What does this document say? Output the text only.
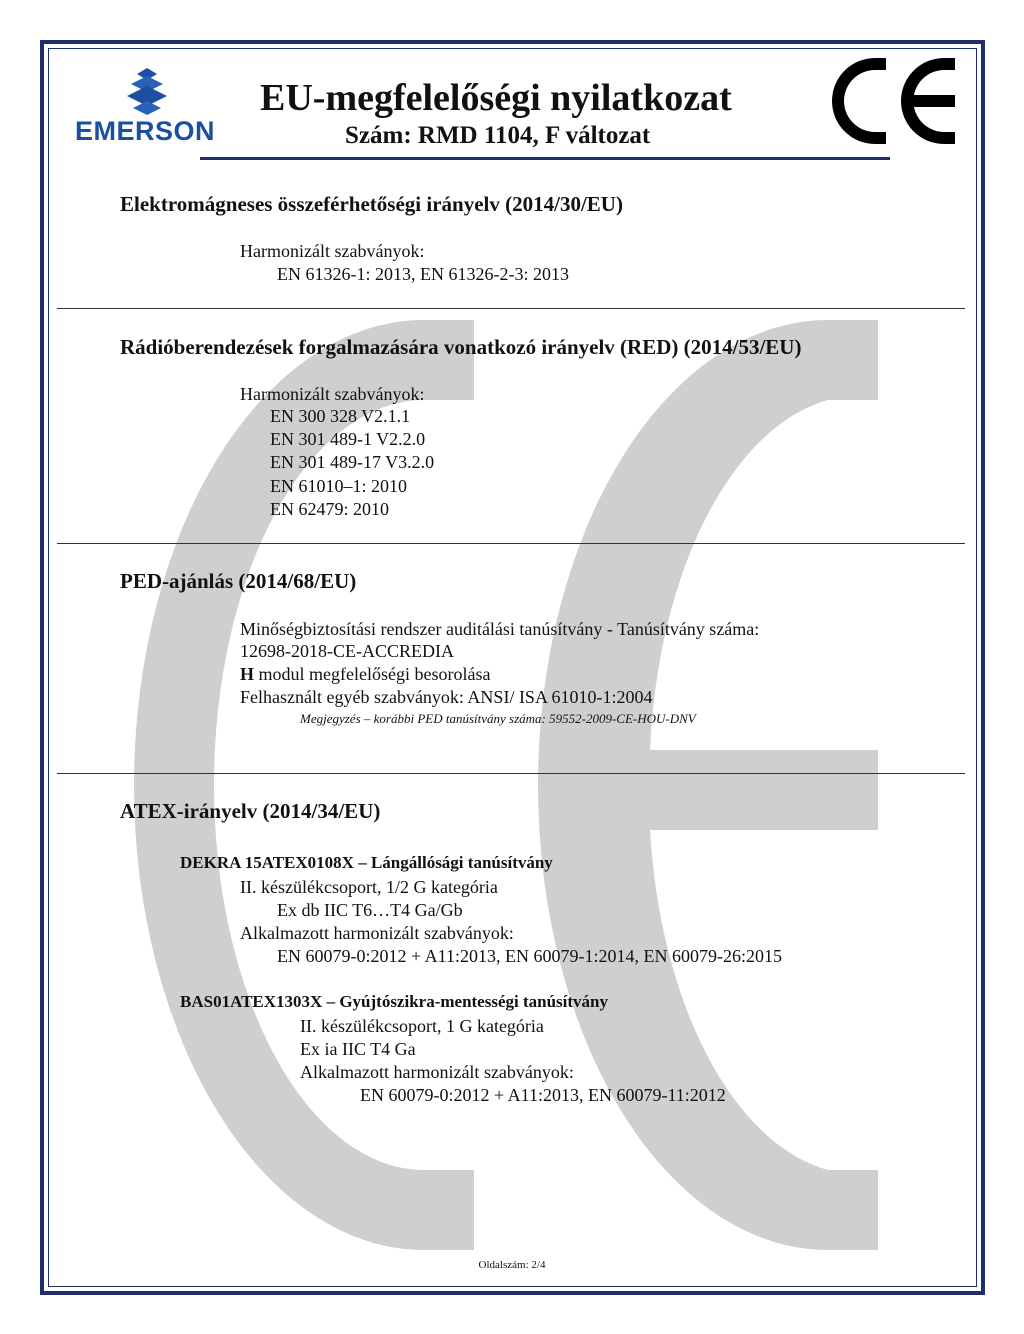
EMERSON
EU-megfelelőségi nyilatkozat
Szám: RMD 1104, F változat
Elektromágneses összeférhetőségi irányelv (2014/30/EU)
Harmonizált szabványok:
EN 61326-1: 2013, EN 61326-2-3: 2013
Rádióberendezések forgalmazására vonatkozó irányelv (RED) (2014/53/EU)
Harmonizált szabványok:
EN 300 328 V2.1.1
EN 301 489-1 V2.2.0
EN 301 489-17 V3.2.0
EN 61010–1: 2010
EN 62479: 2010
PED-ajánlás (2014/68/EU)
Minőségbiztosítási rendszer auditálási tanúsítvány - Tanúsítvány száma:
12698-2018-CE-ACCREDIA
H modul megfelelőségi besorolása
Felhasznált egyéb szabványok: ANSI/ ISA 61010-1:2004
Megjegyzés – korábbi PED tanúsítvány száma: 59552-2009-CE-HOU-DNV
ATEX-irányelv (2014/34/EU)
DEKRA 15ATEX0108X – Lángállósági tanúsítvány
II. készülékcsoport, 1/2 G kategória
Ex db IIC T6…T4 Ga/Gb
Alkalmazott harmonizált szabványok:
EN 60079-0:2012 + A11:2013, EN 60079-1:2014, EN 60079-26:2015
BAS01ATEX1303X – Gyújtószikra-mentességi tanúsítvány
II. készülékcsoport, 1 G kategória
Ex ia IIC T4 Ga
Alkalmazott harmonizált szabványok:
EN 60079-0:2012 + A11:2013, EN 60079-11:2012
Oldalszám: 2/4
